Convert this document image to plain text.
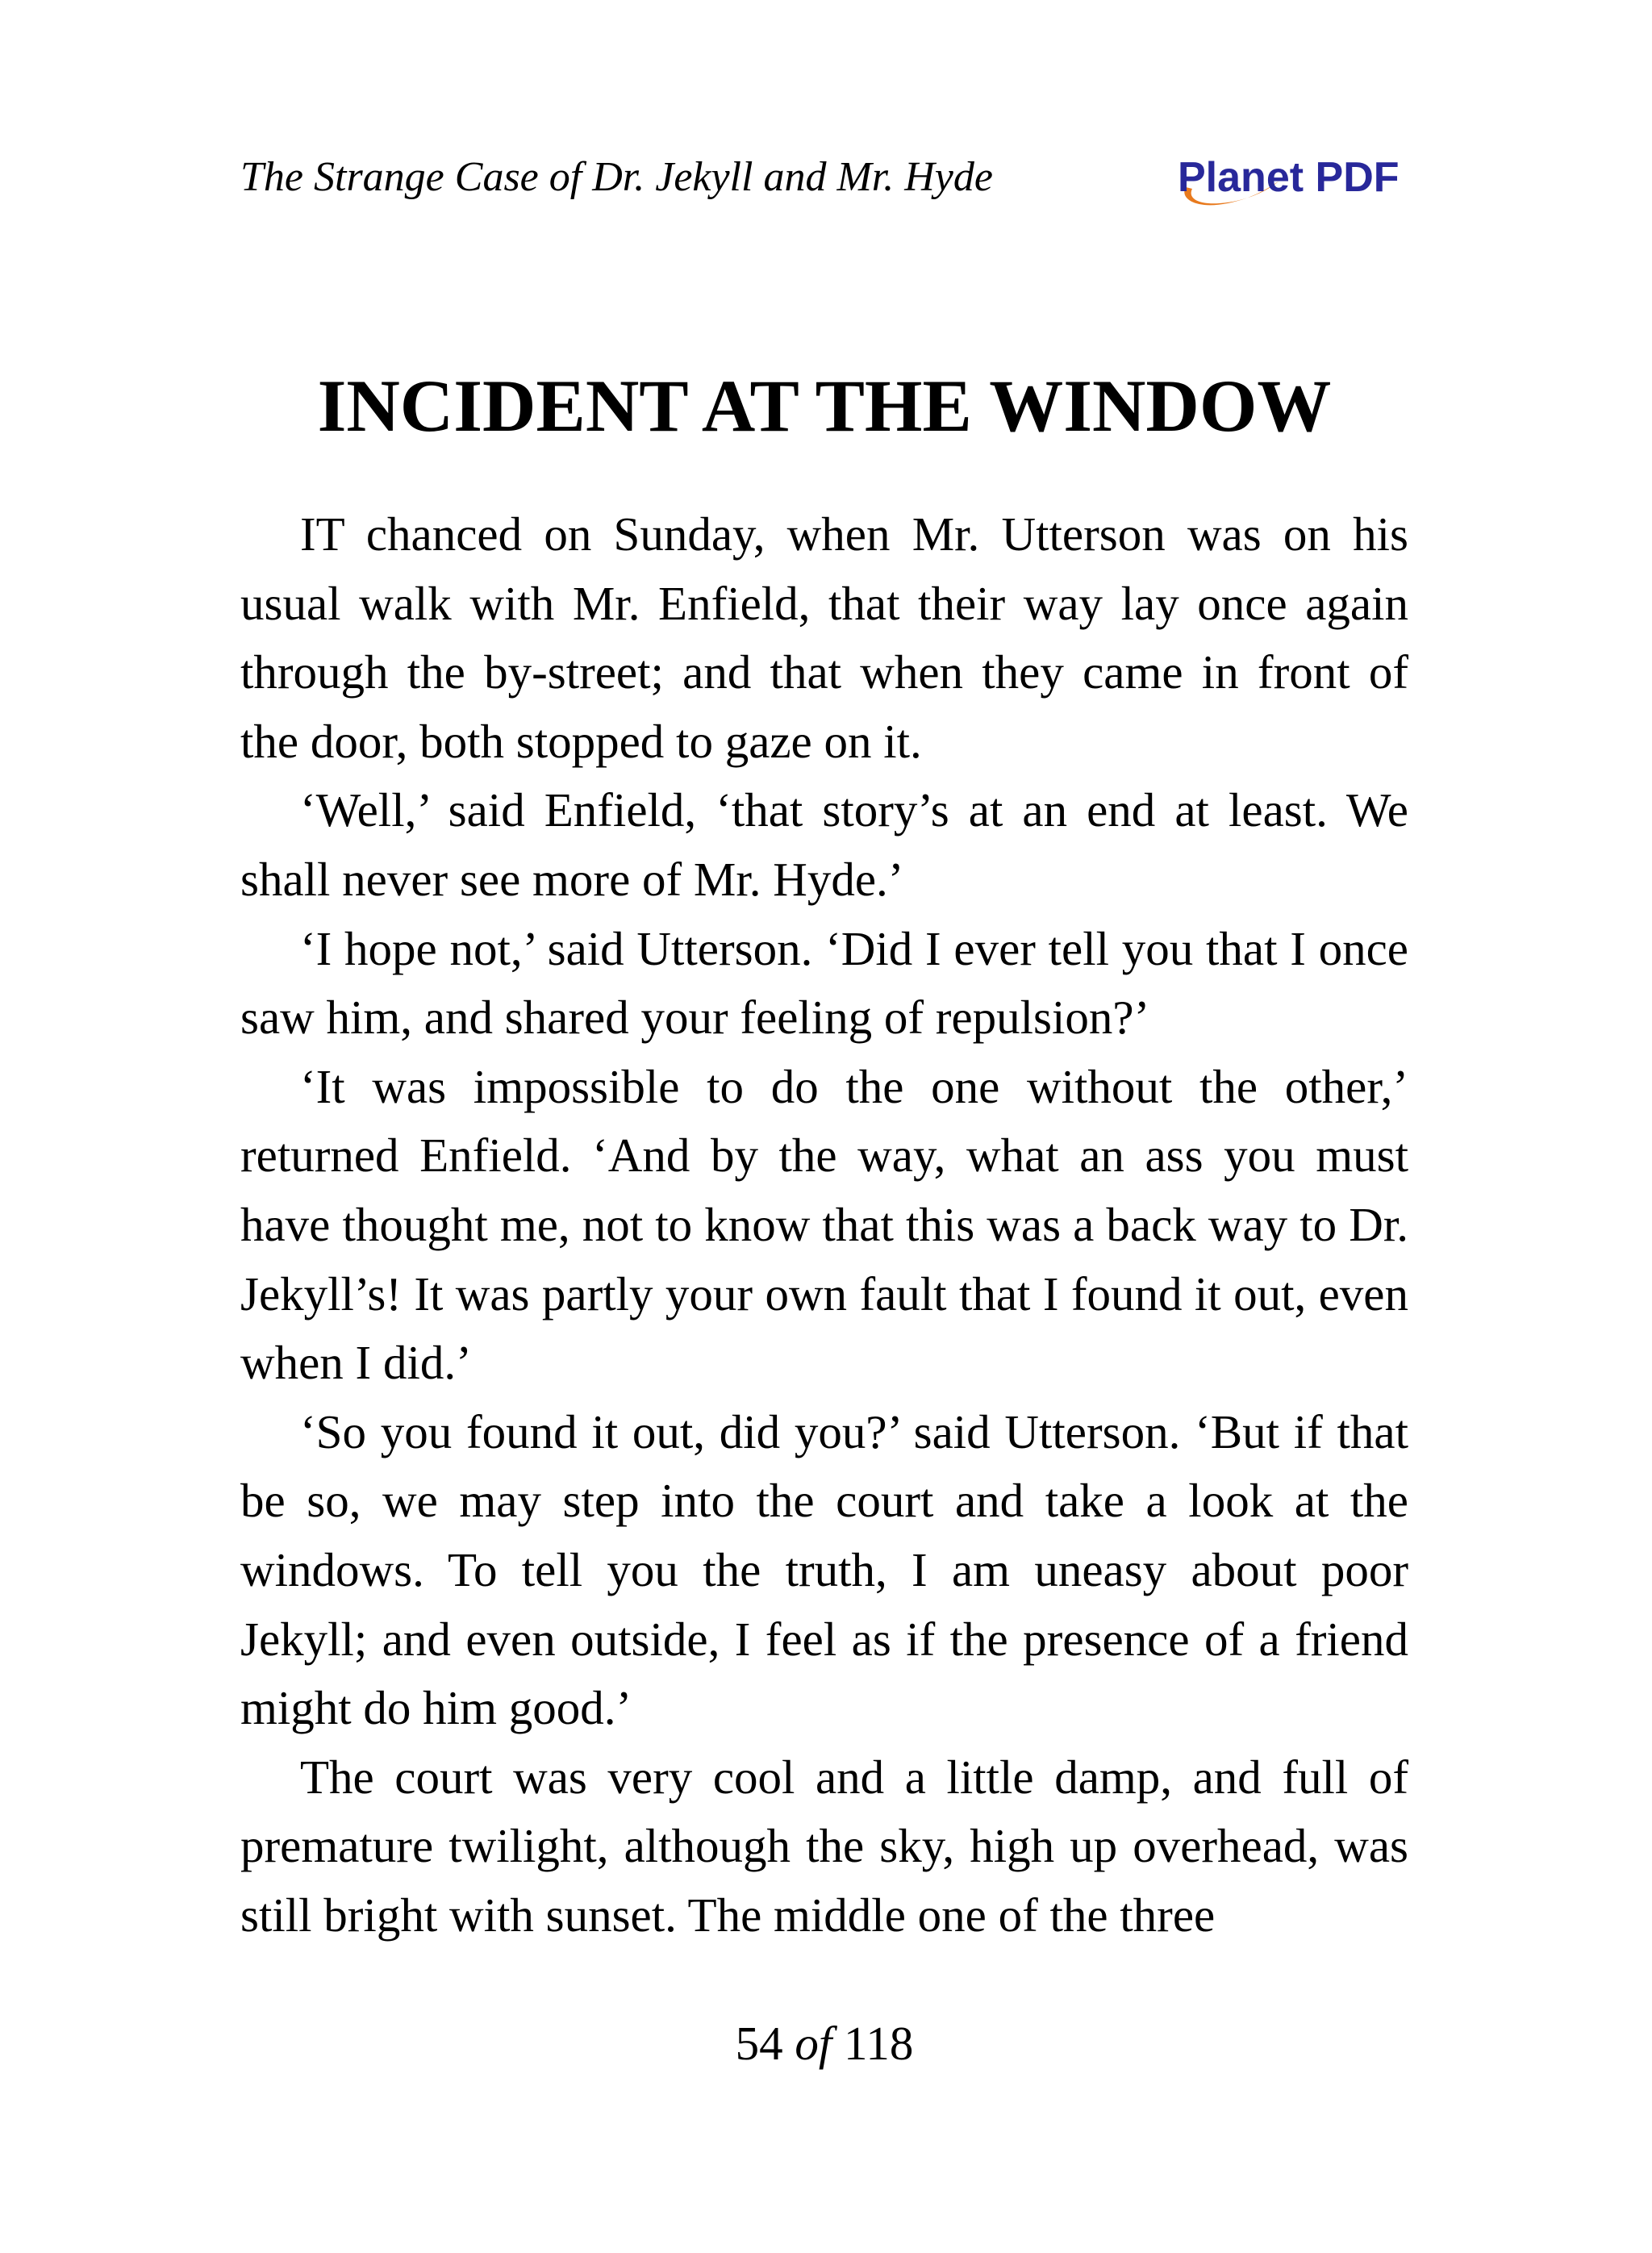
The Strange Case of Dr. Jekyll and Mr. Hyde	Planet PDF
INCIDENT AT THE WINDOW

IT chanced on Sunday, when Mr. Utterson was on his usual walk with Mr. Enfield, that their way lay once again through the by-street; and that when they came in front of the door, both stopped to gaze on it.

‘Well,’ said Enfield, ‘that story’s at an end at least. We shall never see more of Mr. Hyde.’

‘I hope not,’ said Utterson. ‘Did I ever tell you that I once saw him, and shared your feeling of repulsion?’

‘It was impossible to do the one without the other,’ returned Enfield. ‘And by the way, what an ass you must have thought me, not to know that this was a back way to Dr. Jekyll’s! It was partly your own fault that I found it out, even when I did.’

‘So you found it out, did you?’ said Utterson. ‘But if that be so, we may step into the court and take a look at the windows. To tell you the truth, I am uneasy about poor Jekyll; and even outside, I feel as if the presence of a friend might do him good.’

The court was very cool and a little damp, and full of premature twilight, although the sky, high up overhead, was still bright with sunset. The middle one of the three

54 of 118
